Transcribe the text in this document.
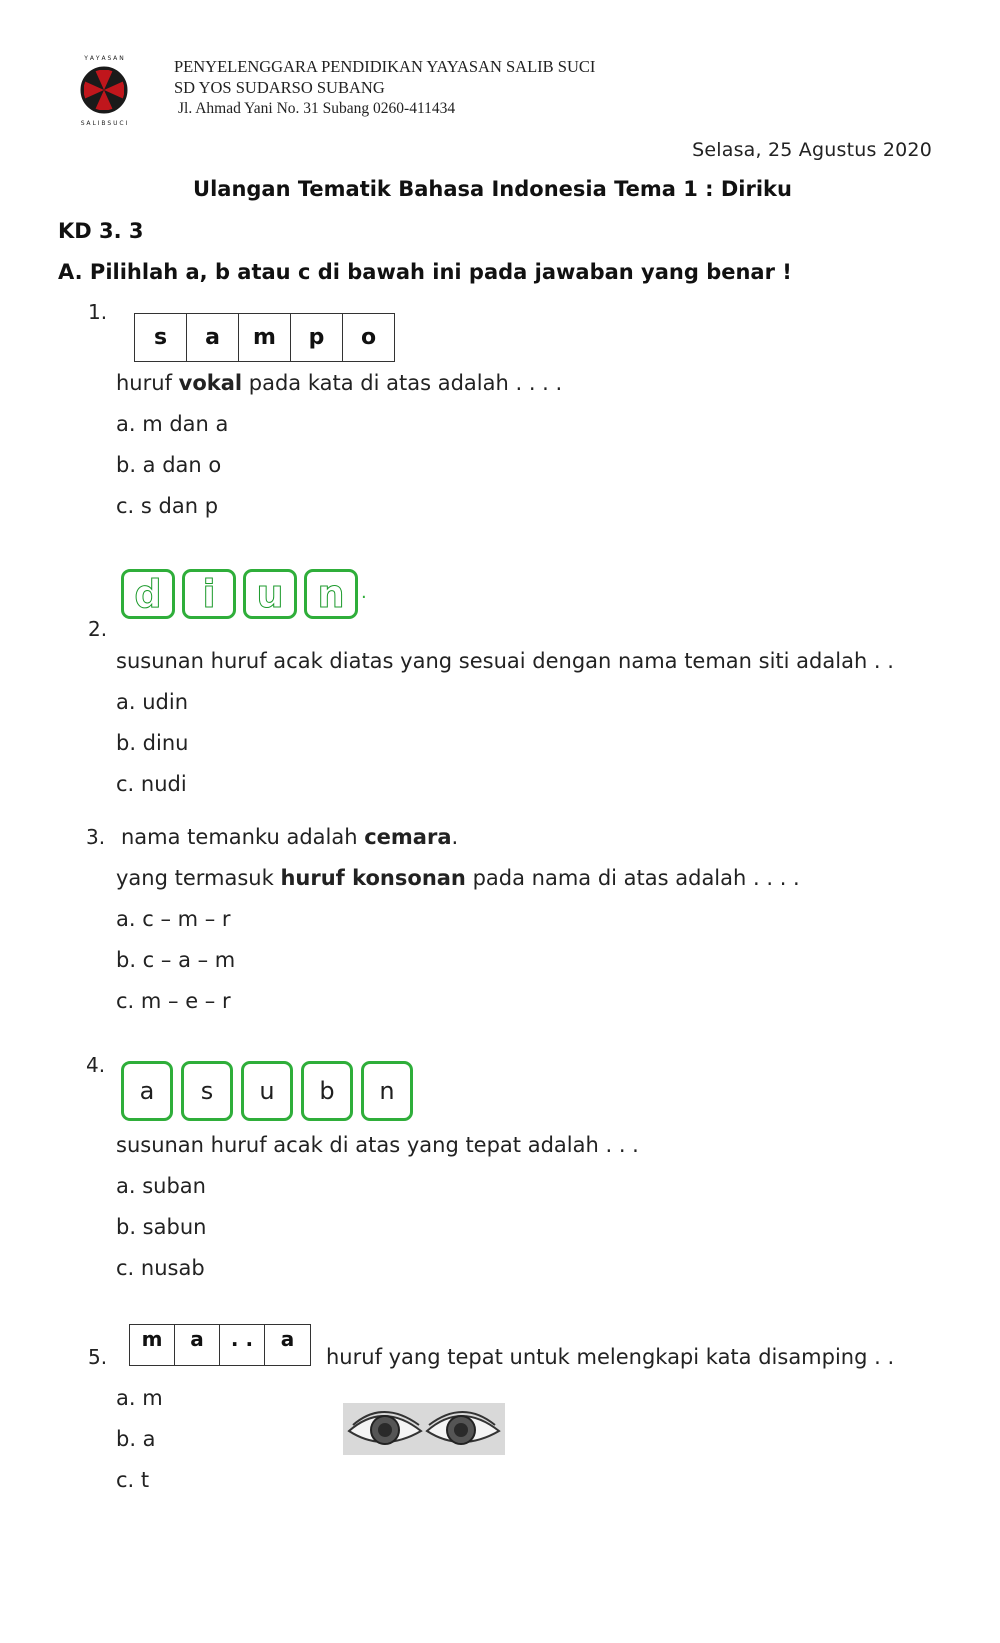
Y A Y A S A N
S A L I B S U C I
PENYELENGGARA PENDIDIKAN YAYASAN SALIB SUCI
SD YOS SUDARSO SUBANG
Jl. Ahmad Yani No. 31 Subang 0260-411434
Selasa, 25 Agustus 2020
Ulangan Tematik Bahasa Indonesia Tema 1 : Diriku
KD 3. 3
A. Pilihlah a, b atau c di bawah ini pada jawaban yang benar !
1.
s	a	m	p	o
huruf vokal pada kata di atas adalah . . . .
a. m dan a
b. a dan o
c. s dan p
d i u n .
2.
susunan huruf acak diatas yang sesuai dengan nama teman siti adalah . .
a. udin
b. dinu
c. nudi
3. nama temanku adalah cemara.
yang termasuk huruf konsonan pada nama di atas adalah . . . .
a. c – m – r
b. c – a – m
c. m – e – r
4.
a	s	u	b	n
susunan huruf acak di atas yang tepat adalah . . .
a. suban
b. sabun
c. nusab
5.
m	a	. .	a
huruf yang tepat untuk melengkapi kata disamping . .
a. m
b. a
c. t
